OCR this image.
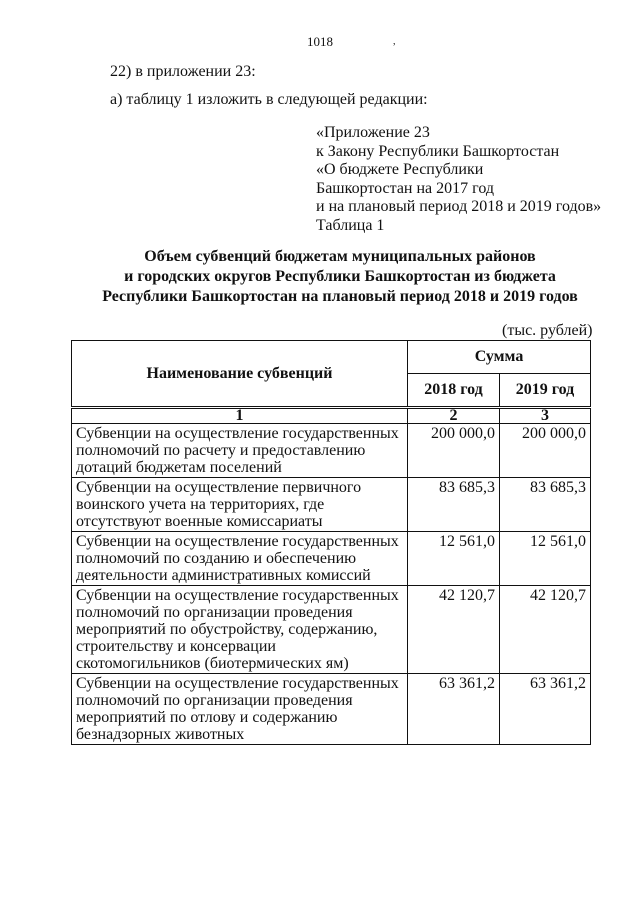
1018	,
22) в приложении 23:
а) таблицу 1 изложить в следующей редакции:
«Приложение 23
к Закону Республики Башкортостан
«О бюджете Республики
Башкортостан на 2017 год
и на плановый период 2018 и 2019 годов»
Таблица 1
Объем субвенций бюджетам муниципальных районов
и городских округов Республики Башкортостан из бюджета
Республики Башкортостан на плановый период 2018 и 2019 годов
(тыс. рублей)
Наименование субвенций	Сумма	
	2018 год	2019 год
1	2	3
Субвенции на осуществление государственных полномочий по расчету и предоставлению дотаций бюджетам поселений	200 000,0	200 000,0
Субвенции на осуществление первичного воинского учета на территориях, где отсутствуют военные комиссариаты	83 685,3	83 685,3
Субвенции на осуществление государственных полномочий по созданию и обеспечению деятельности административных комиссий	12 561,0	12 561,0
Субвенции на осуществление государственных полномочий по организации проведения мероприятий по обустройству, содержанию, строительству и консервации скотомогильников (биотермических ям)	42 120,7	42 120,7
Субвенции на осуществление государственных полномочий по организации проведения мероприятий по отлову и содержанию безнадзорных животных	63 361,2	63 361,2
